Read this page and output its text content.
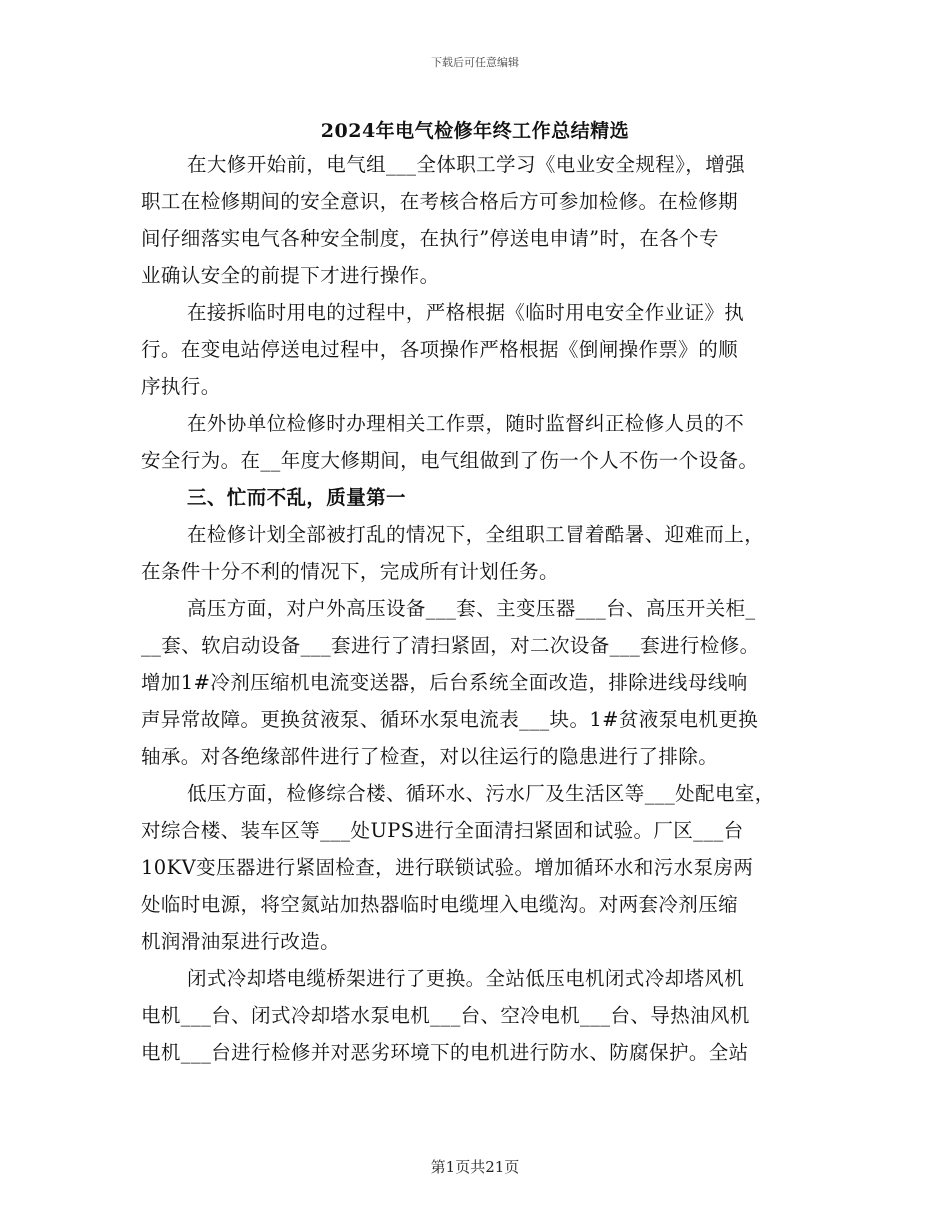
下载后可任意编辑
2024年电气检修年终工作总结精选
在大修开始前，电气组___全体职工学习《电业安全规程》，增强
职工在检修期间的安全意识，在考核合格后方可参加检修。在检修期
间仔细落实电气各种安全制度，在执行”停送电申请”时，在各个专
业确认安全的前提下才进行操作。
在接拆临时用电的过程中，严格根据《临时用电安全作业证》执
行。在变电站停送电过程中，各项操作严格根据《倒闸操作票》的顺
序执行。
在外协单位检修时办理相关工作票，随时监督纠正检修人员的不
安全行为。在__年度大修期间，电气组做到了伤一个人不伤一个设备。
三、忙而不乱，质量第一
在检修计划全部被打乱的情况下，全组职工冒着酷暑、迎难而上，
在条件十分不利的情况下，完成所有计划任务。
高压方面，对户外高压设备___套、主变压器___台、高压开关柜_
__套、软启动设备___套进行了清扫紧固，对二次设备___套进行检修。
增加1#冷剂压缩机电流变送器，后台系统全面改造，排除进线母线响
声异常故障。更换贫液泵、循环水泵电流表___块。1#贫液泵电机更换
轴承。对各绝缘部件进行了检查，对以往运行的隐患进行了排除。
低压方面，检修综合楼、循环水、污水厂及生活区等___处配电室，
对综合楼、装车区等___处UPS进行全面清扫紧固和试验。厂区___台
10KV变压器进行紧固检查，进行联锁试验。增加循环水和污水泵房两
处临时电源，将空氮站加热器临时电缆埋入电缆沟。对两套冷剂压缩
机润滑油泵进行改造。
闭式冷却塔电缆桥架进行了更换。全站低压电机闭式冷却塔风机
电机___台、闭式冷却塔水泵电机___台、空冷电机___台、导热油风机
电机___台进行检修并对恶劣环境下的电机进行防水、防腐保护。全站
第1页共21页
